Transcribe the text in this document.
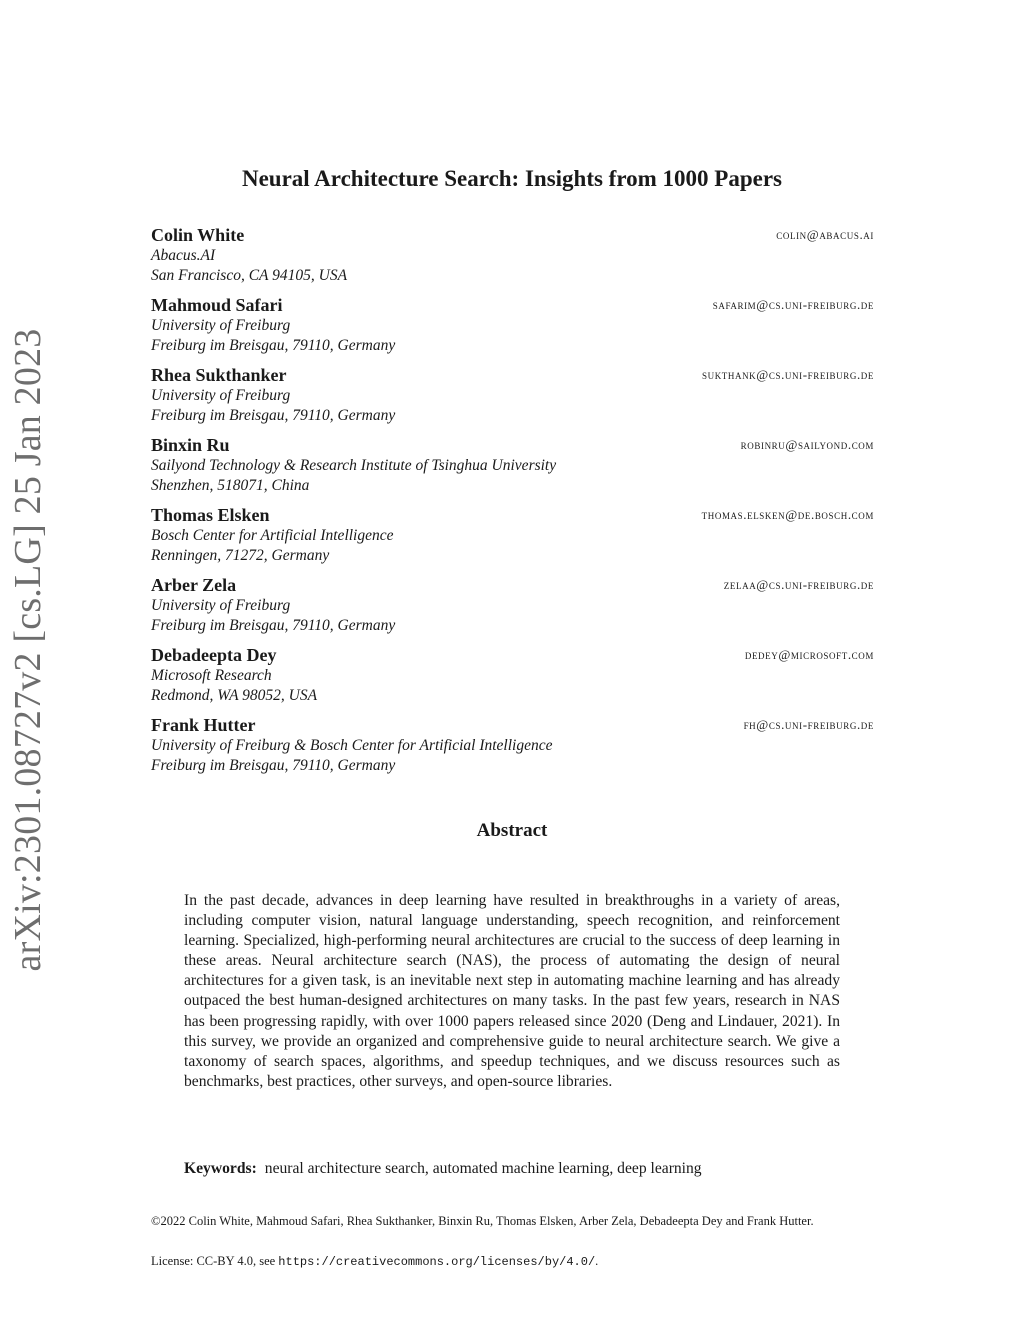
arXiv:2301.08727v2 [cs.LG] 25 Jan 2023
Neural Architecture Search: Insights from 1000 Papers
Colin White	colin@abacus.ai
Abacus.AI
San Francisco, CA 94105, USA
Mahmoud Safari	safarim@cs.uni-freiburg.de
University of Freiburg
Freiburg im Breisgau, 79110, Germany
Rhea Sukthanker	sukthank@cs.uni-freiburg.de
University of Freiburg
Freiburg im Breisgau, 79110, Germany
Binxin Ru	robinru@sailyond.com
Sailyond Technology & Research Institute of Tsinghua University
Shenzhen, 518071, China
Thomas Elsken	thomas.elsken@de.bosch.com
Bosch Center for Artificial Intelligence
Renningen, 71272, Germany
Arber Zela	zelaa@cs.uni-freiburg.de
University of Freiburg
Freiburg im Breisgau, 79110, Germany
Debadeepta Dey	dedey@microsoft.com
Microsoft Research
Redmond, WA 98052, USA
Frank Hutter	fh@cs.uni-freiburg.de
University of Freiburg & Bosch Center for Artificial Intelligence
Freiburg im Breisgau, 79110, Germany
Abstract
In the past decade, advances in deep learning have resulted in breakthroughs in a variety of areas, including computer vision, natural language understanding, speech recognition, and reinforcement learning. Specialized, high-performing neural architectures are crucial to the success of deep learning in these areas. Neural architecture search (NAS), the process of automating the design of neural architectures for a given task, is an inevitable next step in automating machine learning and has already outpaced the best human-designed architectures on many tasks. In the past few years, research in NAS has been progressing rapidly, with over 1000 papers released since 2020 (Deng and Lindauer, 2021). In this survey, we provide an organized and comprehensive guide to neural architecture search. We give a taxonomy of search spaces, algorithms, and speedup techniques, and we discuss resources such as benchmarks, best practices, other surveys, and open-source libraries.
Keywords: neural architecture search, automated machine learning, deep learning
©2022 Colin White, Mahmoud Safari, Rhea Sukthanker, Binxin Ru, Thomas Elsken, Arber Zela, Debadeepta Dey and Frank Hutter.
License: CC-BY 4.0, see https://creativecommons.org/licenses/by/4.0/.
